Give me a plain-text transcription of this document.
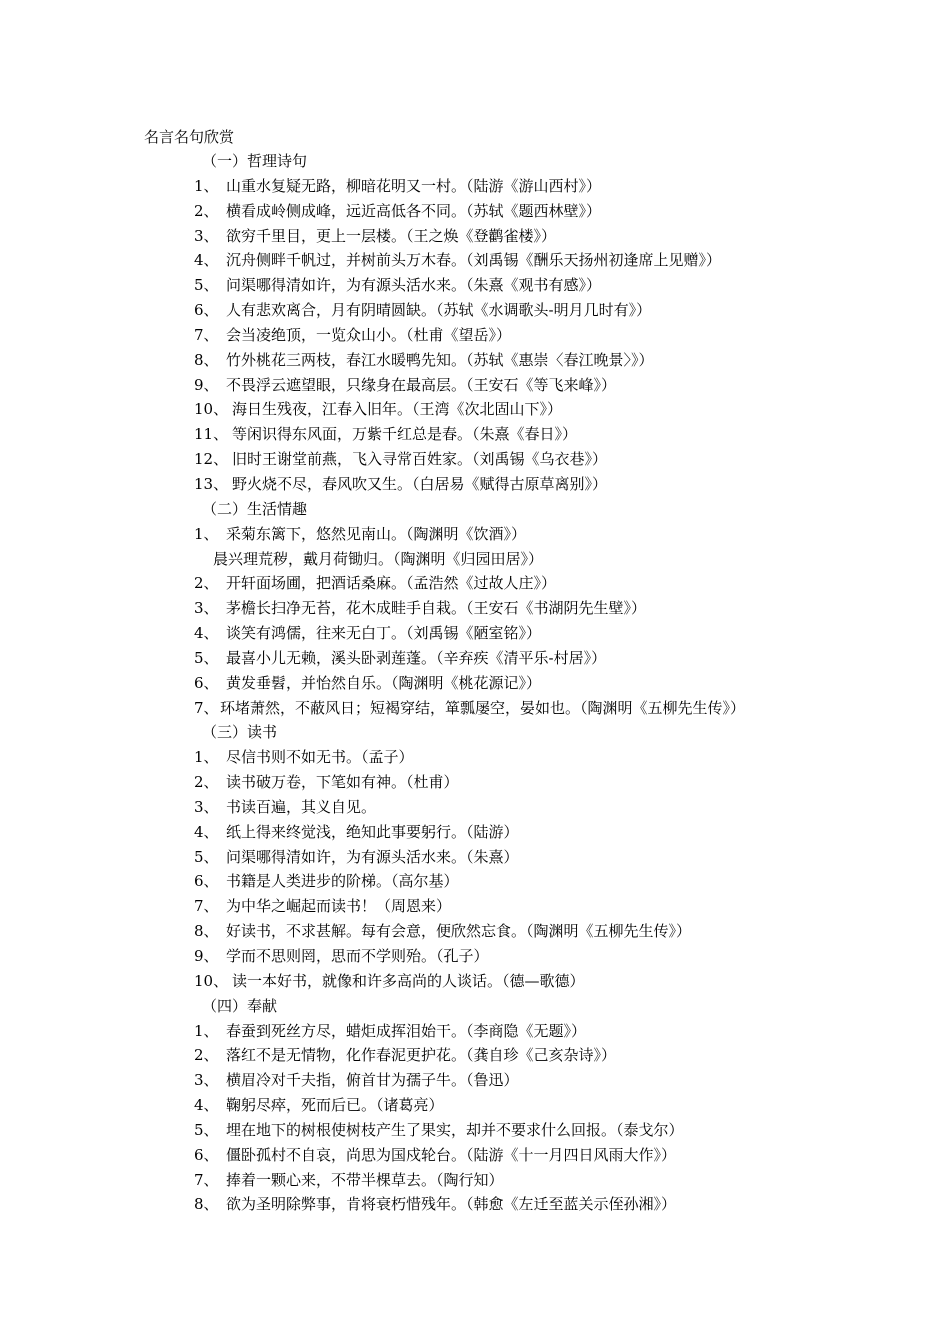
名言名句欣赏
（一）哲理诗句
1、 山重水复疑无路，柳暗花明又一村。（陆游《游山西村》）
2、 横看成岭侧成峰，远近高低各不同。（苏轼《题西林壁》）
3、 欲穷千里目，更上一层楼。（王之焕《登鹳雀楼》）
4、 沉舟侧畔千帆过，并树前头万木春。（刘禹锡《酬乐天扬州初逢席上见赠》）
5、 问渠哪得清如许，为有源头活水来。（朱熹《观书有感》）
6、 人有悲欢离合，月有阴晴圆缺。（苏轼《水调歌头-明月几时有》）
7、 会当凌绝顶，一览众山小。（杜甫《望岳》）
8、 竹外桃花三两枝，春江水暖鸭先知。（苏轼《惠崇〈春江晚景〉》）
9、 不畏浮云遮望眼，只缘身在最高层。（王安石《等飞来峰》）
10、 海日生残夜，江春入旧年。（王湾《次北固山下》）
11、 等闲识得东风面，万紫千红总是春。（朱熹《春日》）
12、 旧时王谢堂前燕，飞入寻常百姓家。（刘禹锡《乌衣巷》）
13、 野火烧不尽，春风吹又生。（白居易《赋得古原草离别》）
（二）生活情趣
1、 采菊东篱下，悠然见南山。（陶渊明《饮酒》）
晨兴理荒秽，戴月荷锄归。（陶渊明《归园田居》）
2、 开轩面场圃，把酒话桑麻。（孟浩然《过故人庄》）
3、 茅檐长扫净无苔，花木成畦手自栽。（王安石《书湖阴先生壁》）
4、 谈笑有鸿儒，往来无白丁。（刘禹锡《陋室铭》）
5、 最喜小儿无赖，溪头卧剥莲蓬。（辛弃疾《清平乐-村居》）
6、 黄发垂髫，并怡然自乐。（陶渊明《桃花源记》）
7、环堵萧然，不蔽风日；短褐穿结，箪瓢屡空，晏如也。（陶渊明《五柳先生传》）
（三）读书
1、 尽信书则不如无书。（孟子）
2、 读书破万卷，下笔如有神。（杜甫）
3、 书读百遍，其义自见。
4、 纸上得来终觉浅，绝知此事要躬行。（陆游）
5、 问渠哪得清如许，为有源头活水来。（朱熹）
6、 书籍是人类进步的阶梯。（高尔基）
7、 为中华之崛起而读书！（周恩来）
8、 好读书，不求甚解。每有会意，便欣然忘食。（陶渊明《五柳先生传》）
9、 学而不思则罔，思而不学则殆。（孔子）
10、 读一本好书，就像和许多高尚的人谈话。（德—歌德）
（四）奉献
1、 春蚕到死丝方尽，蜡炬成挥泪始干。（李商隐《无题》）
2、 落红不是无情物，化作春泥更护花。（龚自珍《己亥杂诗》）
3、 横眉冷对千夫指，俯首甘为孺子牛。（鲁迅）
4、 鞠躬尽瘁，死而后已。（诸葛亮）
5、 埋在地下的树根使树枝产生了果实，却并不要求什么回报。（泰戈尔）
6、 僵卧孤村不自哀，尚思为国戍轮台。（陆游《十一月四日风雨大作》）
7、 捧着一颗心来，不带半棵草去。（陶行知）
8、 欲为圣明除弊事，肯将衰朽惜残年。（韩愈《左迁至蓝关示侄孙湘》）
